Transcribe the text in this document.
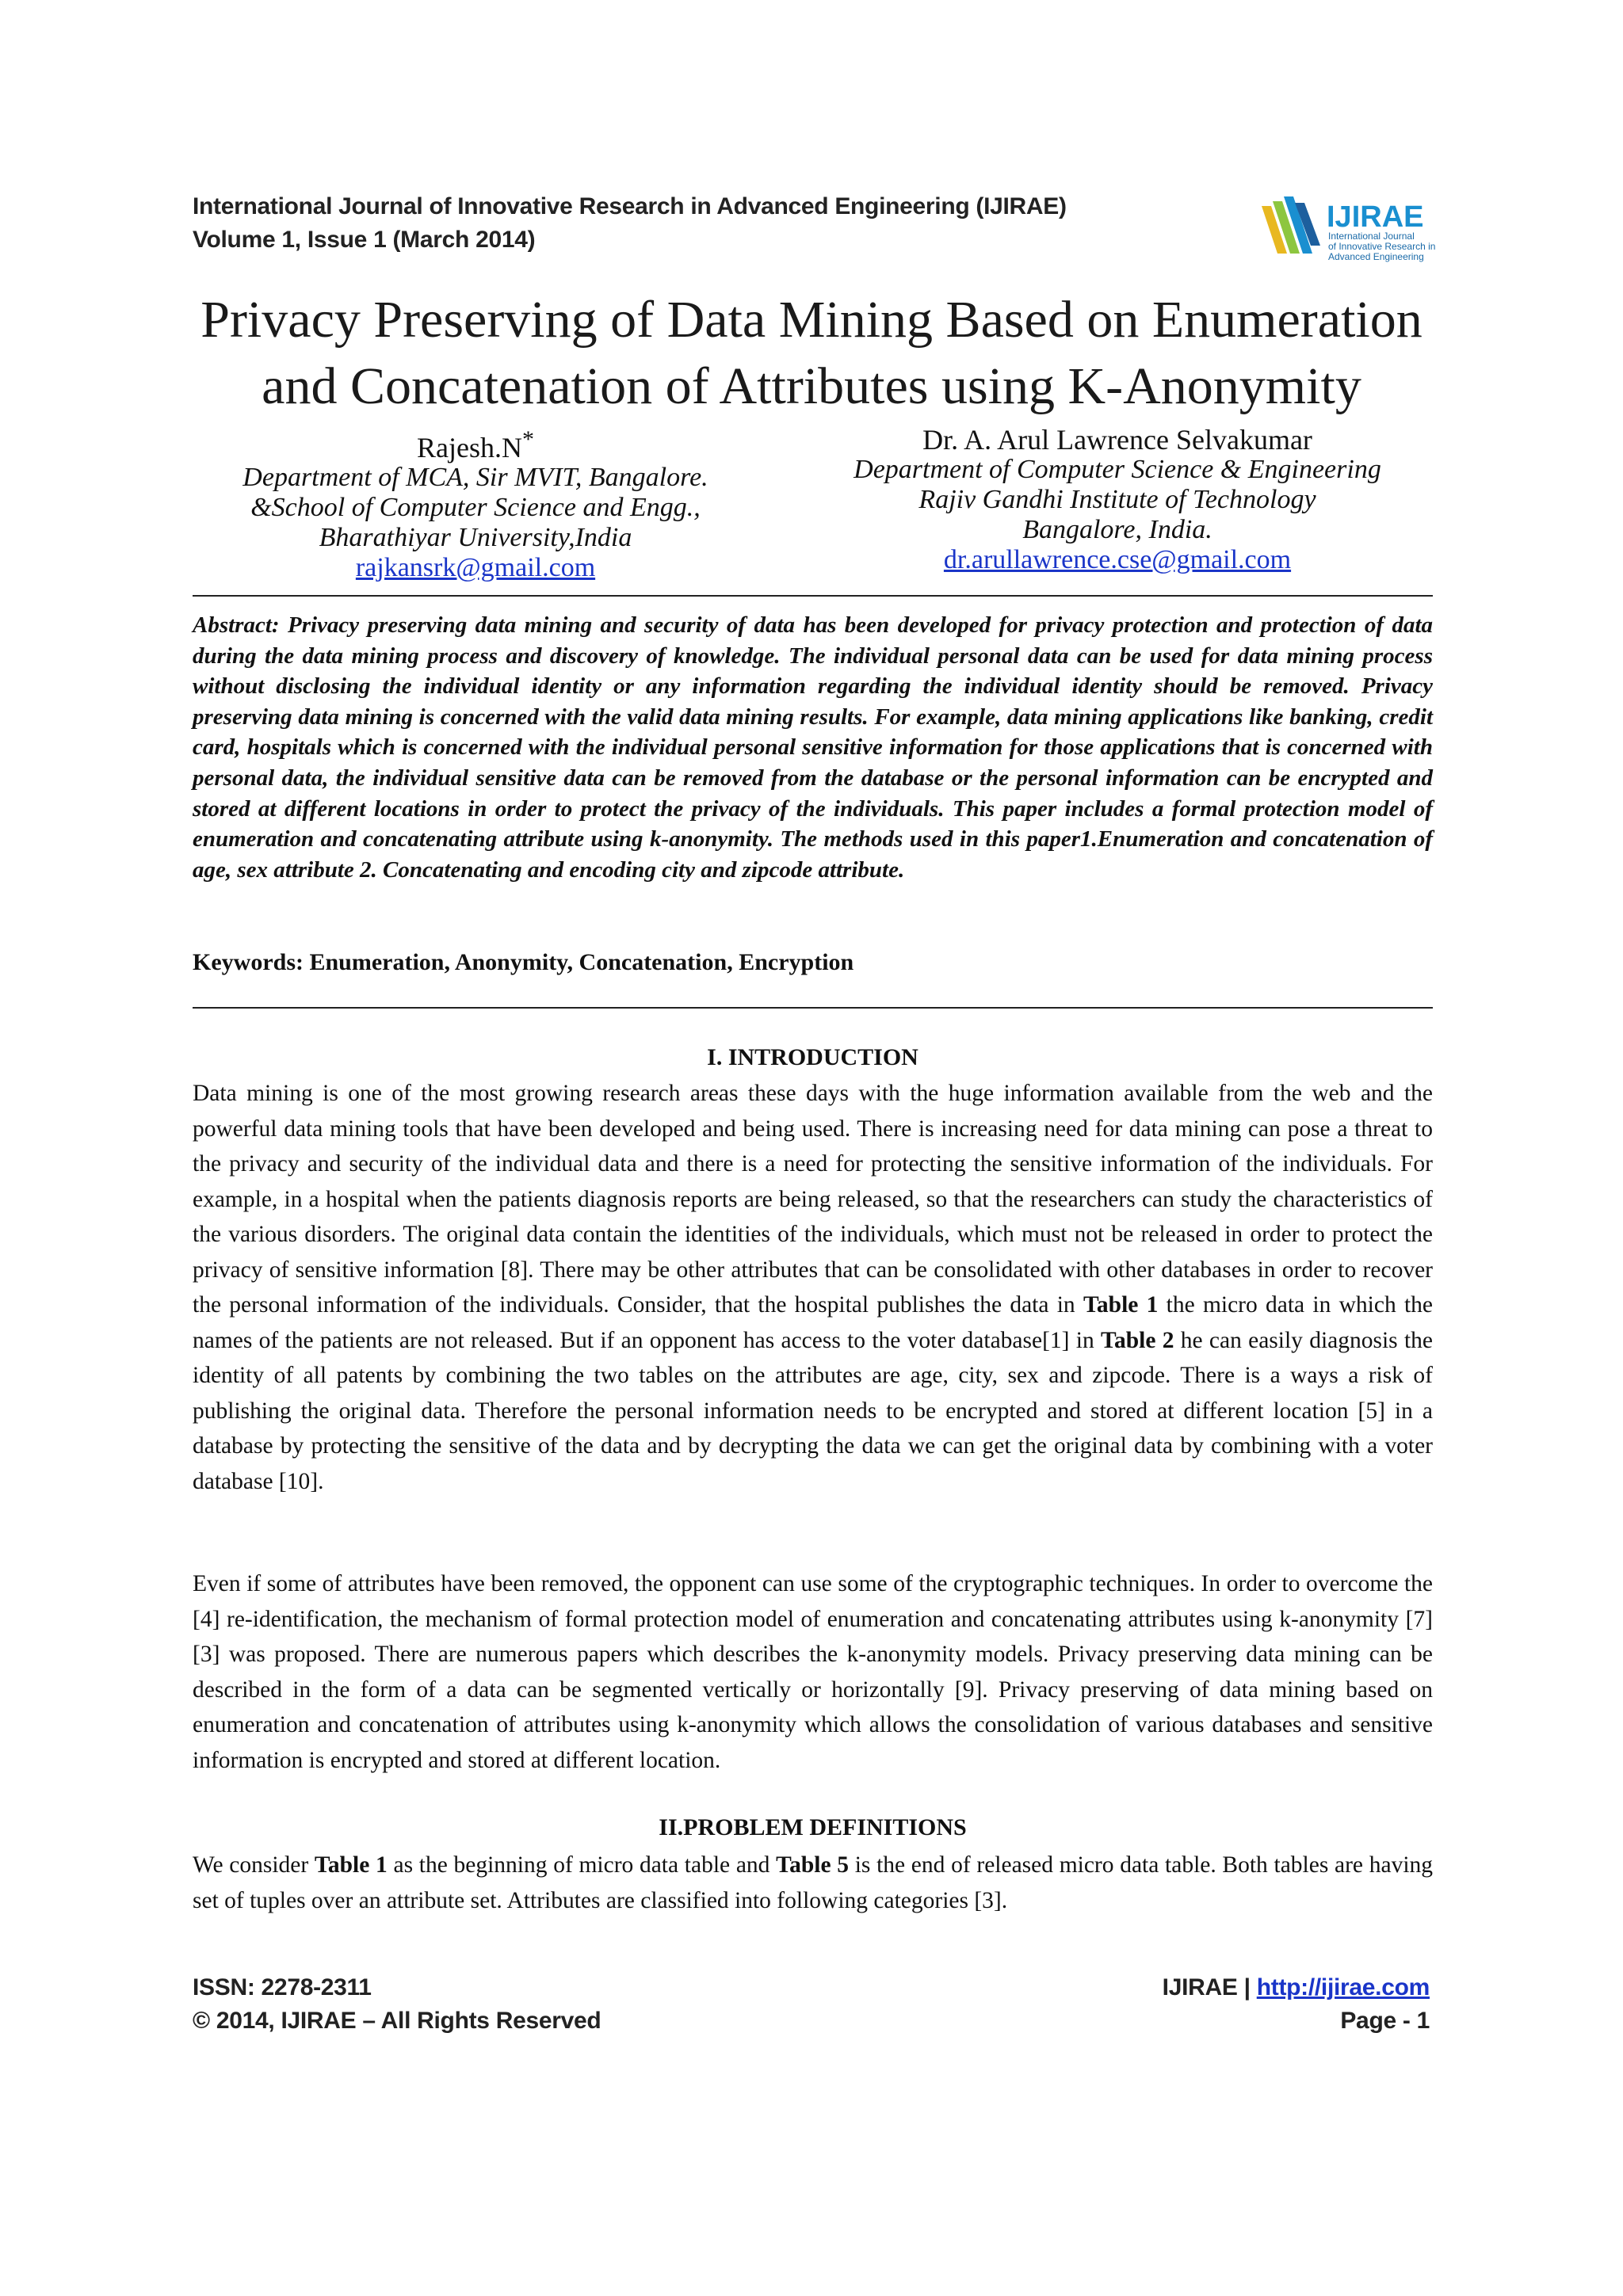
International Journal of Innovative Research in Advanced Engineering (IJIRAE)
Volume 1, Issue 1 (March 2014)
IJIRAE
International Journal
of Innovative Research in
Advanced Engineering
Privacy Preserving of Data Mining Based on Enumeration
and Concatenation of Attributes using K-Anonymity
Rajesh.N*
Department of MCA, Sir MVIT, Bangalore.
&School of Computer Science and Engg.,
Bharathiyar University,India
rajkansrk@gmail.com
Dr. A. Arul Lawrence Selvakumar
Department of Computer Science & Engineering
Rajiv Gandhi Institute of Technology
Bangalore, India.
dr.arullawrence.cse@gmail.com

Abstract: Privacy preserving data mining and security of data has been developed for privacy protection and protection of data during the data mining process and discovery of knowledge. The individual personal data can be used for data mining process without disclosing the individual identity or any information regarding the individual identity should be removed. Privacy preserving data mining is concerned with the valid data mining results. For example, data mining applications like banking, credit card, hospitals which is concerned with the individual personal sensitive information for those applications that is concerned with personal data, the individual sensitive data can be removed from the database or the personal information can be encrypted and stored at different locations in order to protect the privacy of the individuals. This paper includes a formal protection model of enumeration and concatenating attribute using k-anonymity. The methods used in this paper1.Enumeration and concatenation of age, sex attribute 2. Concatenating and encoding city and zipcode attribute.

Keywords: Enumeration, Anonymity, Concatenation, Encryption

I. INTRODUCTION

Data mining is one of the most growing research areas these days with the huge information available from the web and the powerful data mining tools that have been developed and being used. There is increasing need for data mining can pose a threat to the privacy and security of the individual data and there is a need for protecting the sensitive information of the individuals. For example, in a hospital when the patients diagnosis reports are being released, so that the researchers can study the characteristics of the various disorders. The original data contain the identities of the individuals, which must not be released in order to protect the privacy of sensitive information [8]. There may be other attributes that can be consolidated with other databases in order to recover the personal information of the individuals. Consider, that the hospital publishes the data in Table 1 the micro data in which the names of the patients are not released. But if an opponent has access to the voter database[1] in Table 2 he can easily diagnosis the identity of all patents by combining the two tables on the attributes are age, city, sex and zipcode. There is a ways a risk of publishing the original data. Therefore the personal information needs to be encrypted and stored at different location [5] in a database by protecting the sensitive of the data and by decrypting the data we can get the original data by combining with a voter database [10].

Even if some of attributes have been removed, the opponent can use some of the cryptographic techniques. In order to overcome the [4] re-identification, the mechanism of formal protection model of enumeration and concatenating attributes using k-anonymity [7] [3] was proposed. There are numerous papers which describes the k-anonymity models. Privacy preserving data mining can be described in the form of a data can be segmented vertically or horizontally [9]. Privacy preserving of data mining based on enumeration and concatenation of attributes using k-anonymity which allows the consolidation of various databases and sensitive information is encrypted and stored at different location.

II.PROBLEM DEFINITIONS

We consider Table 1 as the beginning of micro data table and Table 5 is the end of released micro data table. Both tables are having set of tuples over an attribute set. Attributes are classified into following categories [3].

ISSN: 2278-2311
© 2014, IJIRAE – All Rights Reserved
IJIRAE | http://ijirae.com
Page - 1
